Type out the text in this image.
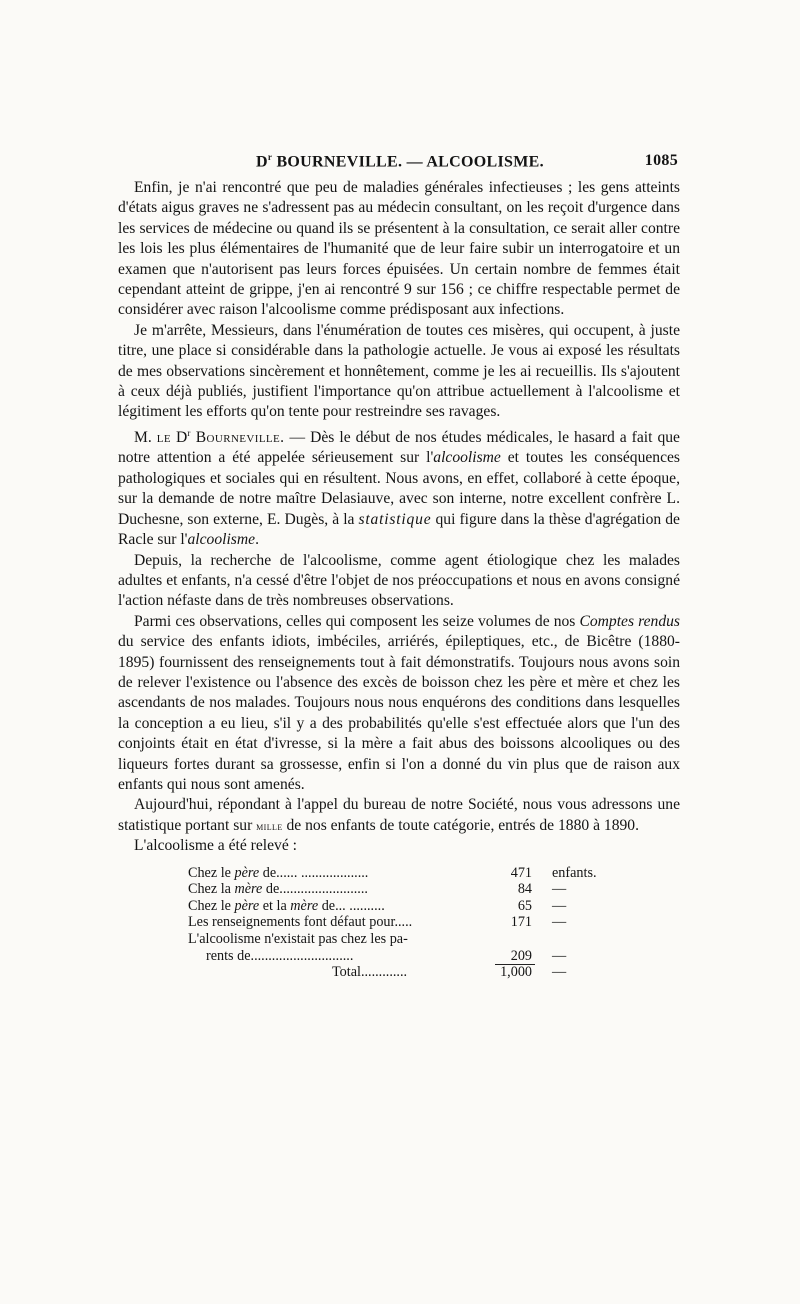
$D^r$ BOURNEVILLE. — ALCOOLISME.	1085

Enfin, je n'ai rencontré que peu de maladies générales infectieuses ; les gens atteints d'états aigus graves ne s'adressent pas au médecin consultant, on les reçoit d'urgence dans les services de médecine ou quand ils se présentent à la consultation, ce serait aller contre les lois les plus élémentaires de l'humanité que de leur faire subir un interrogatoire et un examen que n'autorisent pas leurs forces épuisées. Un certain nombre de femmes était cependant atteint de grippe, j'en ai rencontré 9 sur 156 ; ce chiffre respectable permet de considérer avec raison l'alcoolisme comme prédisposant aux infections.

Je m'arrête, Messieurs, dans l'énumération de toutes ces misères, qui occupent, à juste titre, une place si considérable dans la pathologie actuelle. Je vous ai exposé les résultats de mes observations sincèrement et honnêtement, comme je les ai recueillis. Ils s'ajoutent à ceux déjà publiés, justifient l'importance qu'on attribue actuellement à l'alcoolisme et légitiment les efforts qu'on tente pour restreindre ses ravages.

M. le $D^r$ Bourneville. — Dès le début de nos études médicales, le hasard a fait que notre attention a été appelée sérieusement sur l'alcoolisme et toutes les conséquences pathologiques et sociales qui en résultent. Nous avons, en effet, collaboré à cette époque, sur la demande de notre maître Delasiauve, avec son interne, notre excellent confrère L. Duchesne, son externe, E. Dugès, à la statistique qui figure dans la thèse d'agrégation de Racle sur l'alcoolisme.

Depuis, la recherche de l'alcoolisme, comme agent étiologique chez les malades adultes et enfants, n'a cessé d'être l'objet de nos préoccupations et nous en avons consigné l'action néfaste dans de très nombreuses observations.

Parmi ces observations, celles qui composent les seize volumes de nos Comptes rendus du service des enfants idiots, imbéciles, arriérés, épileptiques, etc., de Bicêtre (1880-1895) fournissent des renseignements tout à fait démonstratifs. Toujours nous avons soin de relever l'existence ou l'absence des excès de boisson chez les père et mère et chez les ascendants de nos malades. Toujours nous nous enquérons des conditions dans lesquelles la conception a eu lieu, s'il y a des probabilités qu'elle s'est effectuée alors que l'un des conjoints était en état d'ivresse, si la mère a fait abus des boissons alcooliques ou des liqueurs fortes durant sa grossesse, enfin si l'on a donné du vin plus que de raison aux enfants qui nous sont amenés.

Aujourd'hui, répondant à l'appel du bureau de notre Société, nous vous adressons une statistique portant sur mille de nos enfants de toute catégorie, entrés de 1880 à 1890.

L'alcoolisme a été relevé :

Chez le père de...... ...................	471 enfants.
Chez la mère de.........................	84 —
Chez le père et la mère de... ..........	65 —
Les renseignements font défaut pour.....	171 —
L'alcoolisme n'existait pas chez les pa-
rents de.............................	209 —
Total.............	1,000 —
